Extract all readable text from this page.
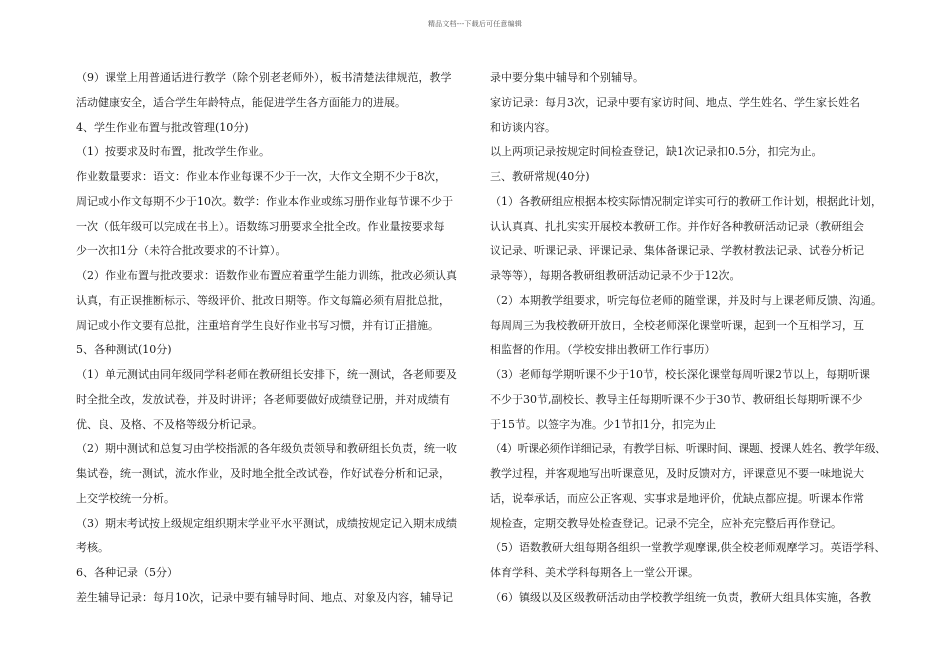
精品文档---下载后可任意编辑
（9）课堂上用普通话进行教学（除个别老老师外），板书清楚法律规范，教学
活动健康安全，适合学生年龄特点，能促进学生各方面能力的进展。
4、学生作业布置与批改管理(10分)
（1）按要求及时布置，批改学生作业。
作业数量要求：语文：作业本作业每课不少于一次，大作文全期不少于8次，
周记或小作文每期不少于10次。数学：作业本作业或练习册作业每节课不少于
一次（低年级可以完成在书上）。语数练习册要求全批全改。作业量按要求每
少一次扣1分（未符合批改要求的不计算）。
（2）作业布置与批改要求：语数作业布置应着重学生能力训练，批改必须认真
认真，有正误推断标示、等级评价、批改日期等。作文每篇必须有眉批总批，
周记或小作文要有总批，注重培育学生良好作业书写习惯，并有订正措施。
5、各种测试(10分)
（1）单元测试由同年级同学科老师在教研组长安排下，统一测试，各老师要及
时全批全改，发放试卷，并及时讲评；各老师要做好成绩登记册，并对成绩有
优、良、及格、不及格等级分析记录。
（2）期中测试和总复习由学校指派的各年级负责领导和教研组长负责，统一收
集试卷，统一测试，流水作业，及时地全批全改试卷，作好试卷分析和记录，
上交学校统一分析。
（3）期末考试按上级规定组织期末学业平水平测试，成绩按规定记入期末成绩
考核。
6、各种记录（5分）
差生辅导记录：每月10次，记录中要有辅导时间、地点、对象及内容，辅导记
录中要分集中辅导和个别辅导。
家访记录：每月3次，记录中要有家访时间、地点、学生姓名、学生家长姓名
和访谈内容。
以上两项记录按规定时间检查登记，缺1次记录扣0.5分，扣完为止。
三、教研常规(40分)
（1）各教研组应根据本校实际情况制定详实可行的教研工作计划，根据此计划，
认认真真、扎扎实实开展校本教研工作。并作好各种教研活动记录（教研组会
议记录、听课记录、评课记录、集体备课记录、学教材教法记录、试卷分析记
录等等），每期各教研组教研活动记录不少于12次。
（2）本期教学组要求，听完每位老师的随堂课，并及时与上课老师反馈、沟通。
每周周三为我校教研开放日，全校老师深化课堂听课，起到一个互相学习，互
相监督的作用。（学校安排出教研工作行事历）
（3）老师每学期听课不少于10节，校长深化课堂每周听课2节以上，每期听课
不少于30节,副校长、教导主任每期听课不少于30节、教研组长每期听课不少
于15节。以签字为准。少1节扣1分，扣完为止
（4）听课必须作详细记录，有教学目标、听课时间、课题、授课人姓名、教学年级、
教学过程，并客观地写出听课意见，及时反馈对方，评课意见不要一味地说大
话，说奉承话，而应公正客观、实事求是地评价，优缺点都应提。听课本作常
规检查，定期交教导处检查登记。记录不完全，应补充完整后再作登记。
（5）语数教研大组每期各组织一堂教学观摩课,供全校老师观摩学习。英语学科、
体育学科、美术学科每期各上一堂公开课。
（6）镇级以及区级教研活动由学校教学组统一负责，教研大组具体实施，各教
